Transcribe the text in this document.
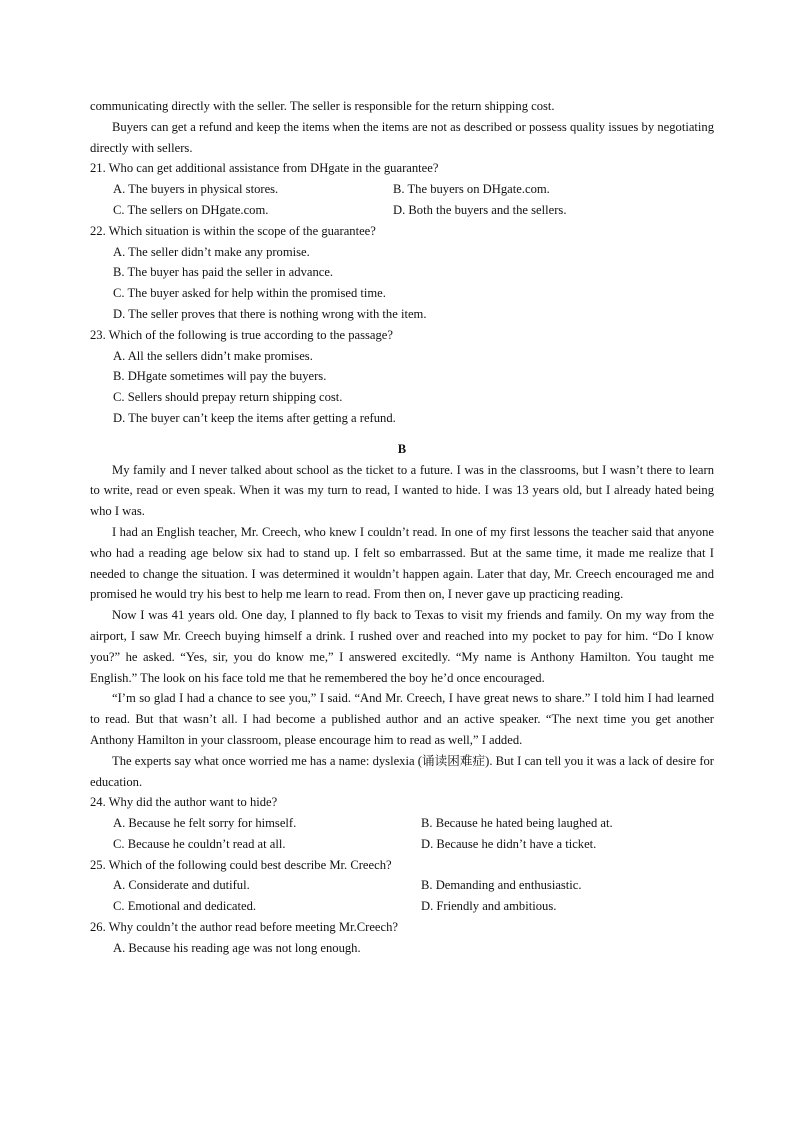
communicating directly with the seller. The seller is responsible for the return shipping cost.

Buyers can get a refund and keep the items when the items are not as described or possess quality issues by negotiating directly with sellers.

21. Who can get additional assistance from DHgate in the guarantee?

A. The buyers in physical stores.	B. The buyers on DHgate.com.
C. The sellers on DHgate.com.	D. Both the buyers and the sellers.

22. Which situation is within the scope of the guarantee?

A. The seller didn’t make any promise.
B. The buyer has paid the seller in advance.
C. The buyer asked for help within the promised time.
D. The seller proves that there is nothing wrong with the item.

23. Which of the following is true according to the passage?

A. All the sellers didn’t make promises.
B. DHgate sometimes will pay the buyers.
C. Sellers should prepay return shipping cost.
D. The buyer can’t keep the items after getting a refund.
B

My family and I never talked about school as the ticket to a future. I was in the classrooms, but I wasn’t there to learn to write, read or even speak. When it was my turn to read, I wanted to hide. I was 13 years old, but I already hated being who I was.

I had an English teacher, Mr. Creech, who knew I couldn’t read. In one of my first lessons the teacher said that anyone who had a reading age below six had to stand up. I felt so embarrassed. But at the same time, it made me realize that I needed to change the situation. I was determined it wouldn’t happen again. Later that day, Mr. Creech encouraged me and promised he would try his best to help me learn to read. From then on, I never gave up practicing reading.

Now I was 41 years old. One day, I planned to fly back to Texas to visit my friends and family. On my way from the airport, I saw Mr. Creech buying himself a drink. I rushed over and reached into my pocket to pay for him. “Do I know you?” he asked. “Yes, sir, you do know me,” I answered excitedly. “My name is Anthony Hamilton. You taught me English.” The look on his face told me that he remembered the boy he’d once encouraged.

“I’m so glad I had a chance to see you,” I said. “And Mr. Creech, I have great news to share.” I told him I had learned to read. But that wasn’t all. I had become a published author and an active speaker. “The next time you get another Anthony Hamilton in your classroom, please encourage him to read as well,” I added.

The experts say what once worried me has a name: dyslexia (诵读困难症). But I can tell you it was a lack of desire for education.

24. Why did the author want to hide?

A. Because he felt sorry for himself.	B. Because he hated being laughed at.
C. Because he couldn’t read at all.	D. Because he didn’t have a ticket.

25. Which of the following could best describe Mr. Creech?

A. Considerate and dutiful.	B. Demanding and enthusiastic.
C. Emotional and dedicated.	D. Friendly and ambitious.

26. Why couldn’t the author read before meeting Mr.Creech?

A. Because his reading age was not long enough.
